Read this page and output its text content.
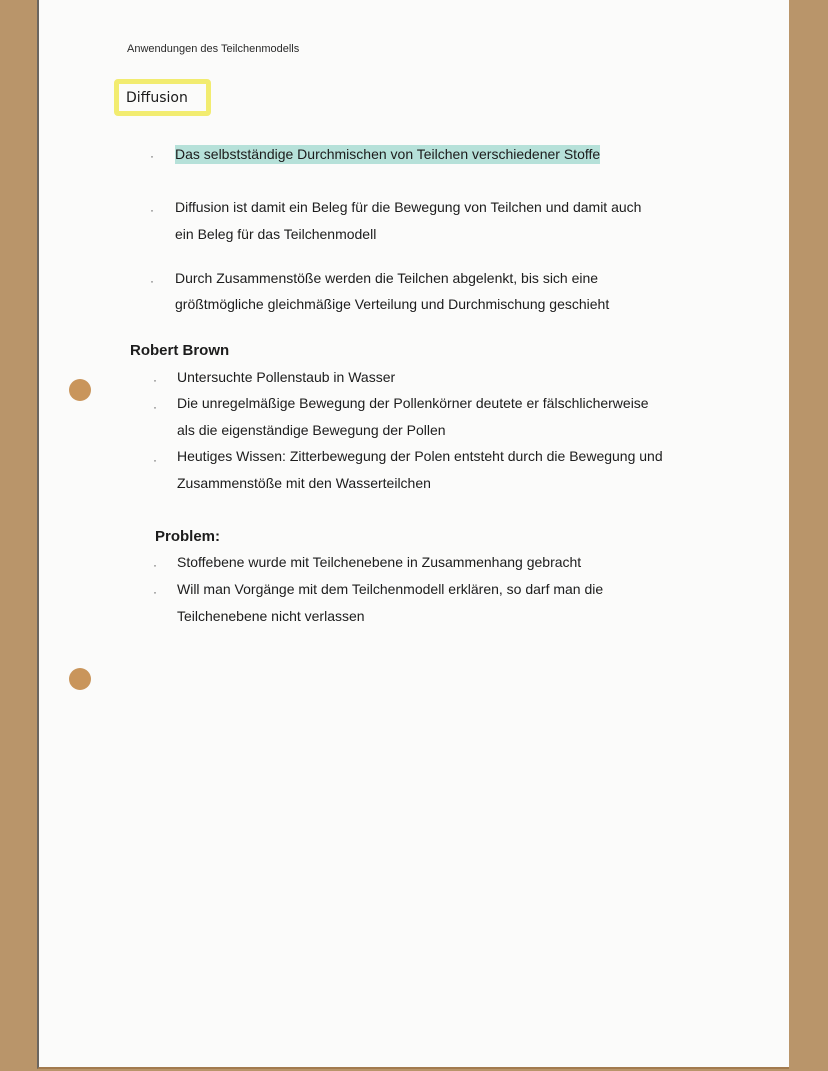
Anwendungen des Teilchenmodells
Diffusion
· Das selbstständige Durchmischen von Teilchen verschiedener Stoffe
· Diffusion ist damit ein Beleg für die Bewegung von Teilchen und damit auch
ein Beleg für das Teilchenmodell
· Durch Zusammenstöße werden die Teilchen abgelenkt, bis sich eine
größtmögliche gleichmäßige Verteilung und Durchmischung geschieht
Robert Brown
· Untersuchte Pollenstaub in Wasser
· Die unregelmäßige Bewegung der Pollenkörner deutete er fälschlicherweise
als die eigenständige Bewegung der Pollen
· Heutiges Wissen: Zitterbewegung der Polen entsteht durch die Bewegung und
Zusammenstöße mit den Wasserteilchen
Problem:
· Stoffebene wurde mit Teilchenebene in Zusammenhang gebracht
· Will man Vorgänge mit dem Teilchenmodell erklären, so darf man die
Teilchenebene nicht verlassen
